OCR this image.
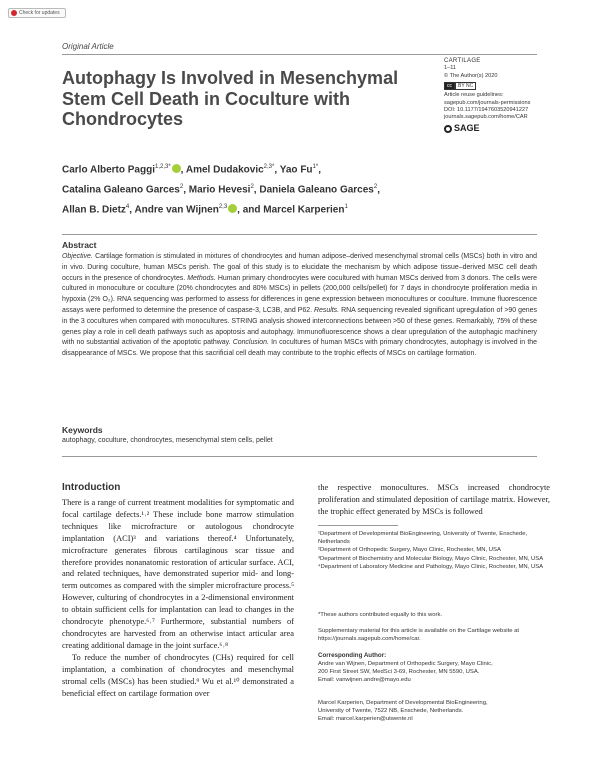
Check for updates
Original Article
CARTILAGE
1–11
© The Author(s) 2020
cc	BY NC
Article reuse guidelines:
sagepub.com/journals-permissions
DOI: 10.1177/1947603520941227
journals.sagepub.com/home/CAR
SAGE
Autophagy Is Involved in Mesenchymal Stem Cell Death in Coculture with Chondrocytes
Carlo Alberto Paggi$^{1,2,3*}$ , Amel Dudakovic$^{2,3*}$, Yao $Fu^{1*}$,
Catalina Galeano Garces$^2$, Mario Hevesi$^2$, Daniela Galeano Garces$^2$,
Allan B. Dietz$^4$, Andre van Wijnen$^{2,3}$ , and Marcel Karperien$^1$
Abstract

Objective. Cartilage formation is stimulated in mixtures of chondrocytes and human adipose–derived mesenchymal stromal cells (MSCs) both in vitro and in vivo. During coculture, human MSCs perish. The goal of this study is to elucidate the mechanism by which adipose tissue–derived MSC cell death occurs in the presence of chondrocytes. Methods. Human primary chondrocytes were cocultured with human MSCs derived from 3 donors. The cells were cultured in monoculture or coculture (20% chondrocytes and 80% MSCs) in pellets (200,000 cells/pellet) for 7 days in chondrocyte proliferation media in hypoxia (2% O₂). RNA sequencing was performed to assess for differences in gene expression between monocultures or coculture. Immune fluorescence assays were performed to determine the presence of caspase-3, LC3B, and P62. Results. RNA sequencing revealed significant upregulation of >90 genes in the 3 cocultures when compared with monocultures. STRING analysis showed interconnections between >50 of these genes. Remarkably, 75% of these genes play a role in cell death pathways such as apoptosis and autophagy. Immunofluorescence shows a clear upregulation of the autophagic machinery with no substantial activation of the apoptotic pathway. Conclusion. In cocultures of human MSCs with primary chondrocytes, autophagy is involved in the disappearance of MSCs. We propose that this sacrificial cell death may contribute to the trophic effects of MSCs on cartilage formation.

Keywords
autophagy, coculture, chondrocytes, mesenchymal stem cells, pellet
Introduction

There is a range of current treatment modalities for symptomatic and focal cartilage defects.¹˒² These include bone marrow stimulation techniques like microfracture or autologous chondrocyte implantation (ACI)³ and variations thereof.⁴ Unfortunately, microfracture generates fibrous cartilaginous scar tissue and therefore provides nonanatomic restoration of articular surface. ACI, and related techniques, have demonstrated superior mid- and long-term outcomes as compared with the simpler microfracture process.⁵ However, culturing of chondrocytes in a 2-dimensional environment to obtain sufficient cells for implantation can lead to changes in the chondrocyte phenotype.⁶˒⁷ Furthermore, substantial numbers of chondrocytes are harvested from an otherwise intact articular area creating additional damage in the joint surface.⁶˒⁸

To reduce the number of chondrocytes (CHs) required for cell implantation, a combination of chondrocytes and mesenchymal stromal cells (MSCs) has been studied.⁹ Wu et al.¹⁰ demonstrated a beneficial effect on cartilage formation over

the respective monocultures. MSCs increased chondrocyte proliferation and stimulated deposition of cartilage matrix. However, the trophic effect generated by MSCs is followed
¹Department of Developmental BioEngineering, University of Twente, Enschede, Netherlands
²Department of Orthopedic Surgery, Mayo Clinic, Rochester, MN, USA
³Department of Biochemistry and Molecular Biology, Mayo Clinic, Rochester, MN, USA
⁴Department of Laboratory Medicine and Pathology, Mayo Clinic, Rochester, MN, USA
*These authors contributed equally to this work.
Supplementary material for this article is available on the Cartilage website at https://journals.sagepub.com/home/car.
Corresponding Author:
Andre van Wijnen, Department of Orthopedic Surgery, Mayo Clinic,
200 First Street SW, MedSci 3-69, Rochester, MN 5590, USA.
Email: vanwijnen.andre@mayo.edu
Marcel Karperien, Department of Developmental BioEngineering,
University of Twente, 7522 NB, Enschede, Netherlands.
Email: marcel.karperien@utwente.nl
